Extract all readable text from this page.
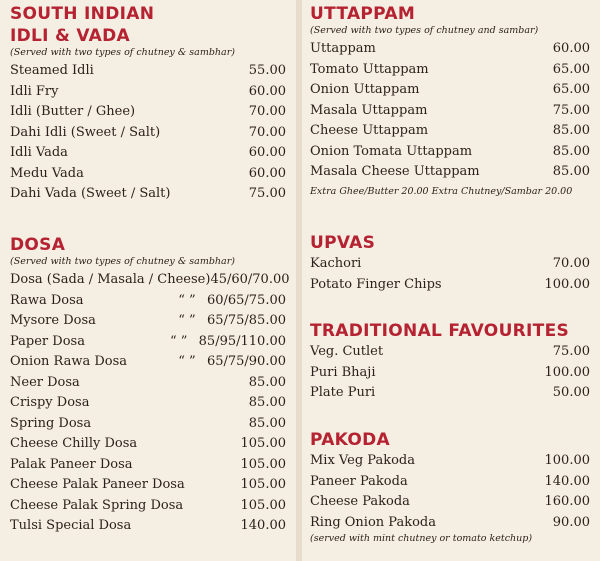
SOUTH INDIAN
IDLI & VADA

(Served with two types of chutney & sambhar)

Steamed Idli	55.00
Idli Fry	60.00
Idli (Butter / Ghee)	70.00
Dahi Idli (Sweet / Salt)	70.00
Idli Vada	60.00
Medu Vada	60.00
Dahi Vada (Sweet / Salt)	75.00
DOSA

(Served with two types of chutney & sambhar)

Dosa (Sada / Masala / Cheese) 45/60/70.00
Rawa Dosa	“ ” 60/65/75.00
Mysore Dosa	“ ” 65/75/85.00
Paper Dosa	“ ” 85/95/110.00
Onion Rawa Dosa	“ ” 65/75/90.00
Neer Dosa	85.00
Crispy Dosa	85.00
Spring Dosa	85.00
Cheese Chilly Dosa	105.00
Palak Paneer Dosa	105.00
Cheese Palak Paneer Dosa	105.00
Cheese Palak Spring Dosa	105.00
Tulsi Special Dosa	140.00
UTTAPPAM

(Served with two types of chutney and sambar)

Uttappam	60.00
Tomato Uttappam	65.00
Onion Uttappam	65.00
Masala Uttappam	75.00
Cheese Uttappam	85.00
Onion Tomata Uttappam	85.00
Masala Cheese Uttappam	85.00
Extra Ghee/Butter 20.00 Extra Chutney/Sambar 20.00
UPVAS
Kachori	70.00
Potato Finger Chips	100.00
TRADITIONAL FAVOURITES
Veg. Cutlet	75.00
Puri Bhaji	100.00
Plate Puri	50.00
PAKODA
Mix Veg Pakoda	100.00
Paneer Pakoda	140.00
Cheese Pakoda	160.00
Ring Onion Pakoda	90.00

(served with mint chutney or tomato ketchup)
